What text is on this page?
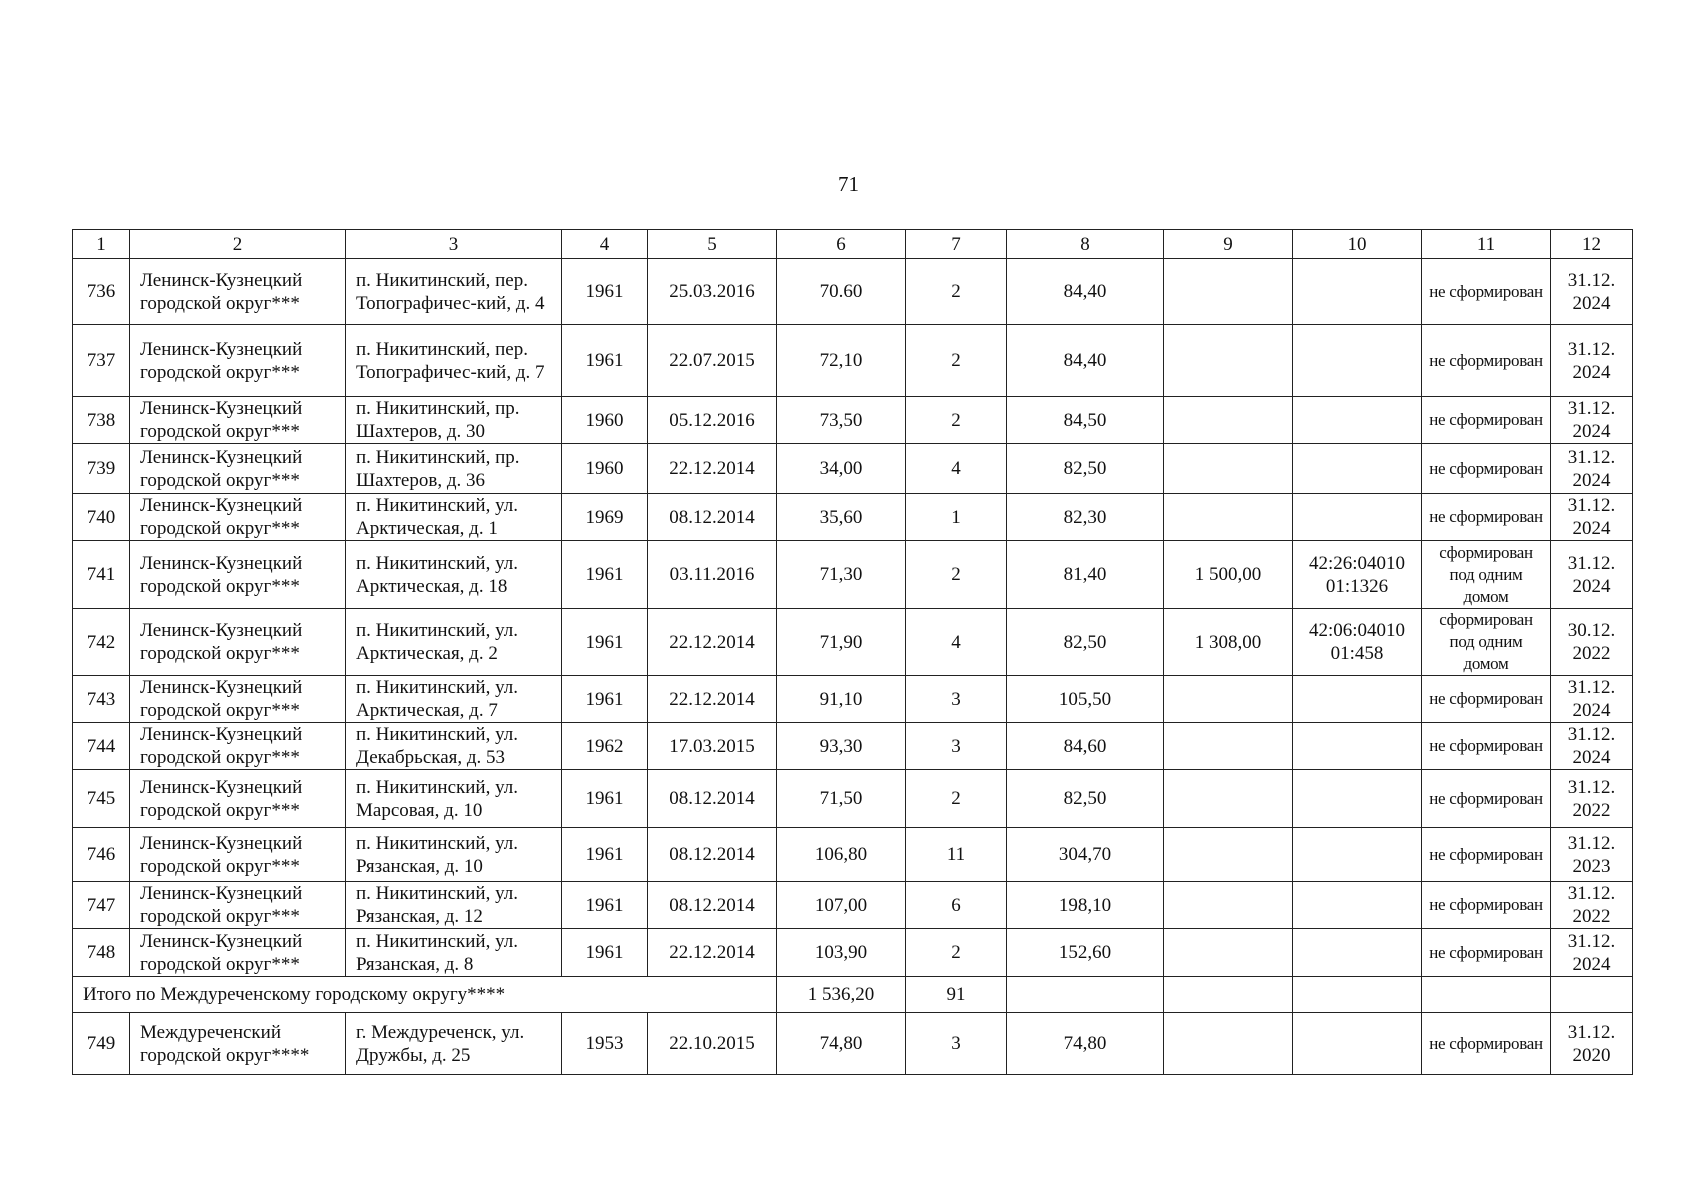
71
1	2	3	4	5	6	7	8	9	10	11	12
736	Ленинск-Кузнецкий городской округ***	п. Никитинский, пер. Топографичес-кий, д. 4	1961	25.03.2016	70.60	2	84,40			не сформирован	31.12. 2024
737	Ленинск-Кузнецкий городской округ***	п. Никитинский, пер. Топографичес-кий, д. 7	1961	22.07.2015	72,10	2	84,40			не сформирован	31.12. 2024
738	Ленинск-Кузнецкий городской округ***	п. Никитинский, пр. Шахтеров, д. 30	1960	05.12.2016	73,50	2	84,50			не сформирован	31.12. 2024
739	Ленинск-Кузнецкий городской округ***	п. Никитинский, пр. Шахтеров, д. 36	1960	22.12.2014	34,00	4	82,50			не сформирован	31.12. 2024
740	Ленинск-Кузнецкий городской округ***	п. Никитинский, ул. Арктическая, д. 1	1969	08.12.2014	35,60	1	82,30			не сформирован	31.12. 2024
741	Ленинск-Кузнецкий городской округ***	п. Никитинский, ул. Арктическая, д. 18	1961	03.11.2016	71,30	2	81,40	1 500,00	42:26:04010 01:1326	сформирован под одним домом	31.12. 2024
742	Ленинск-Кузнецкий городской округ***	п. Никитинский, ул. Арктическая, д. 2	1961	22.12.2014	71,90	4	82,50	1 308,00	42:06:04010 01:458	сформирован под одним домом	30.12. 2022
743	Ленинск-Кузнецкий городской округ***	п. Никитинский, ул. Арктическая, д. 7	1961	22.12.2014	91,10	3	105,50			не сформирован	31.12. 2024
744	Ленинск-Кузнецкий городской округ***	п. Никитинский, ул. Декабрьская, д. 53	1962	17.03.2015	93,30	3	84,60			не сформирован	31.12. 2024
745	Ленинск-Кузнецкий городской округ***	п. Никитинский, ул. Марсовая, д. 10	1961	08.12.2014	71,50	2	82,50			не сформирован	31.12. 2022
746	Ленинск-Кузнецкий городской округ***	п. Никитинский, ул. Рязанская, д. 10	1961	08.12.2014	106,80	11	304,70			не сформирован	31.12. 2023
747	Ленинск-Кузнецкий городской округ***	п. Никитинский, ул. Рязанская, д. 12	1961	08.12.2014	107,00	6	198,10			не сформирован	31.12. 2022
748	Ленинск-Кузнецкий городской округ***	п. Никитинский, ул. Рязанская, д. 8	1961	22.12.2014	103,90	2	152,60			не сформирован	31.12. 2024
Итого по Междуреченскому городскому округу****					1 536,20	91					
749	Междуреченский городской округ****	г. Междуреченск, ул. Дружбы, д. 25	1953	22.10.2015	74,80	3	74,80			не сформирован	31.12. 2020
